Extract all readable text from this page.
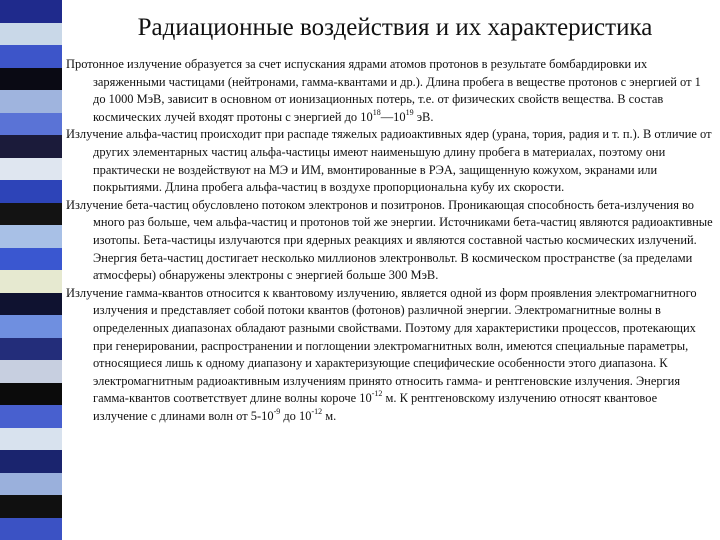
Радиационные воздействия и их характеристика

Протонное излучение образуется за счет испускания ядрами атомов протонов в результате бомбардировки их заряженными частицами (нейтронами, гамма-квантами и др.). Длина пробега в веществе протонов с энергией от 1 до 1000 МэВ, зависит в основном от ионизационных потерь, т.е. от физических свойств вещества. В состав космических лучей входят протоны с энергией до $10^{18}—10^{19}$ эВ.

Излучение альфа-частиц происходит при распаде тяжелых радиоактивных ядер (урана, тория, радия и т. п.). В отличие от других элементарных частиц альфа-частицы имеют наименьшую длину пробега в материалах, поэтому они практически не воздействуют на МЭ и ИМ, вмонтированные в РЭА, защищенную кожухом, экранами или покрытиями. Длина пробега альфа-частиц в воздухе пропорциональна кубу их скорости.

Излучение бета-частиц обусловлено потоком электронов и позитронов. Проникающая способность бета-излучения во много раз больше, чем альфа-частиц и протонов той же энергии. Источниками бета-частиц являются радиоактивные изотопы. Бета-частицы излучаются при ядерных реакциях и являются составной частью космических излучений. Энергия бета-частиц достигает несколько миллионов электронвольт. В космическом пространстве (за пределами атмосферы) обнаружены электроны с энергией больше 300 МэВ.

Излучение гамма-квантов относится к квантовому излучению, является одной из форм проявления электромагнитного излучения и представляет собой потоки квантов (фотонов) различной энергии. Электромагнитные волны в определенных диапазонах обладают разными свойствами. Поэтому для характеристики процессов, протекающих при генерировании, распространении и поглощении электромагнитных волн, имеются специальные параметры, относящиеся лишь к одному диапазону и характеризующие специфические особенности этого диапазона. К электромагнитным радиоактивным излучениям принято относить гамма- и рентгеновские излучения. Энергия гамма-квантов соответствует длине волны короче $10^{-12}$ м. К рентгеновскому излучению относят квантовое излучение с длинами волн от $5-10^{-9}$ до $10^{-12}$ м.
